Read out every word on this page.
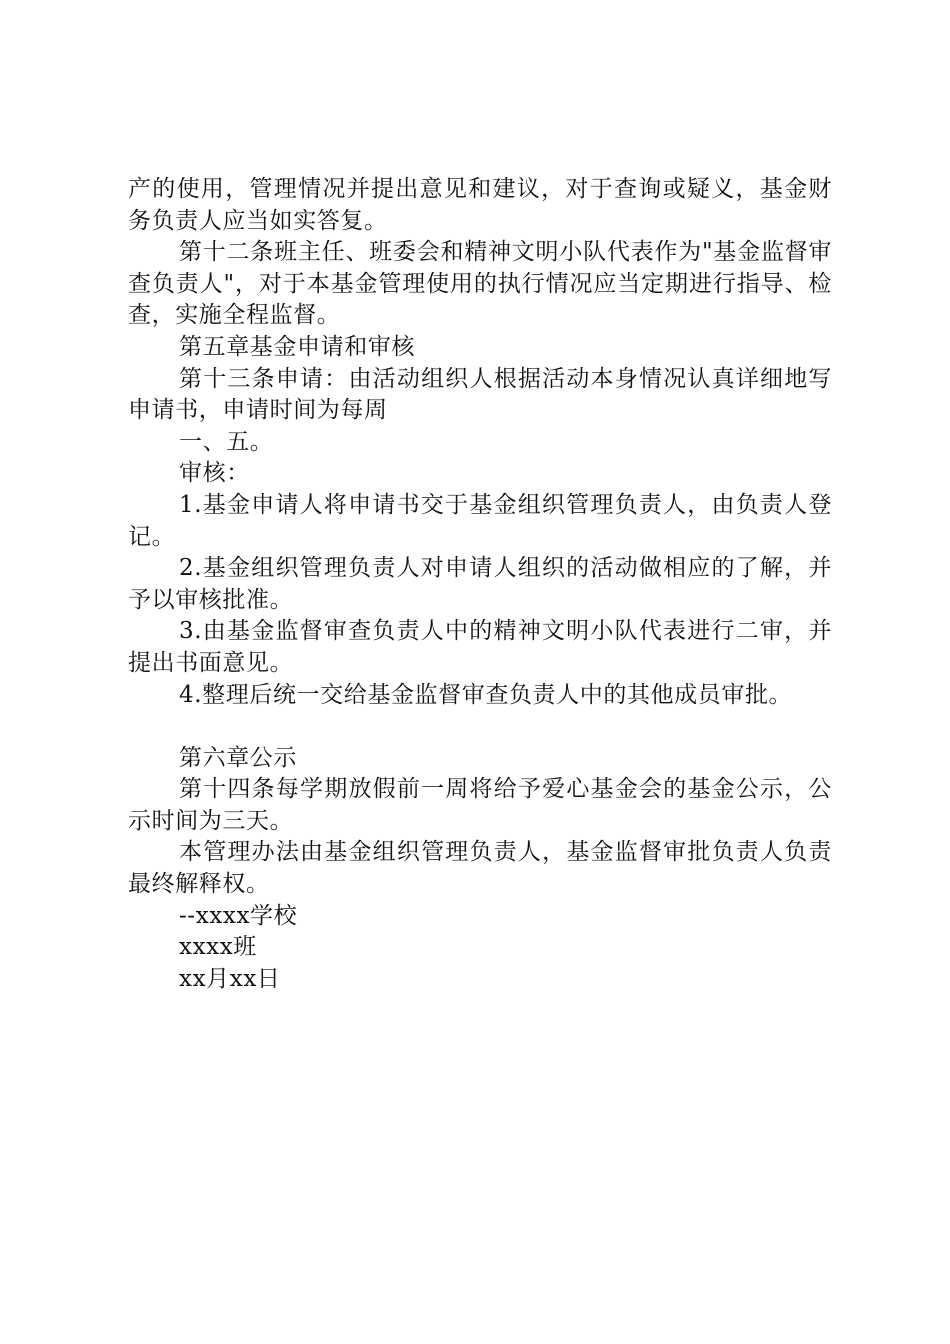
产的使用，管理情况并提出意见和建议，对于查询或疑义，基金财务负责人应当如实答复。

第十二条班主任、班委会和精神文明小队代表作为"基金监督审查负责人"，对于本基金管理使用的执行情况应当定期进行指导、检查，实施全程监督。

第五章基金申请和审核

第十三条申请：由活动组织人根据活动本身情况认真详细地写申请书，申请时间为每周

一、五。

审核：

1.基金申请人将申请书交于基金组织管理负责人，由负责人登记。

2.基金组织管理负责人对申请人组织的活动做相应的了解，并予以审核批准。

3.由基金监督审查负责人中的精神文明小队代表进行二审，并提出书面意见。

4.整理后统一交给基金监督审查负责人中的其他成员审批。

第六章公示

第十四条每学期放假前一周将给予爱心基金会的基金公示，公示时间为三天。

本管理办法由基金组织管理负责人，基金监督审批负责人负责最终解释权。

--xxxx学校

xxxx班

xx月xx日
